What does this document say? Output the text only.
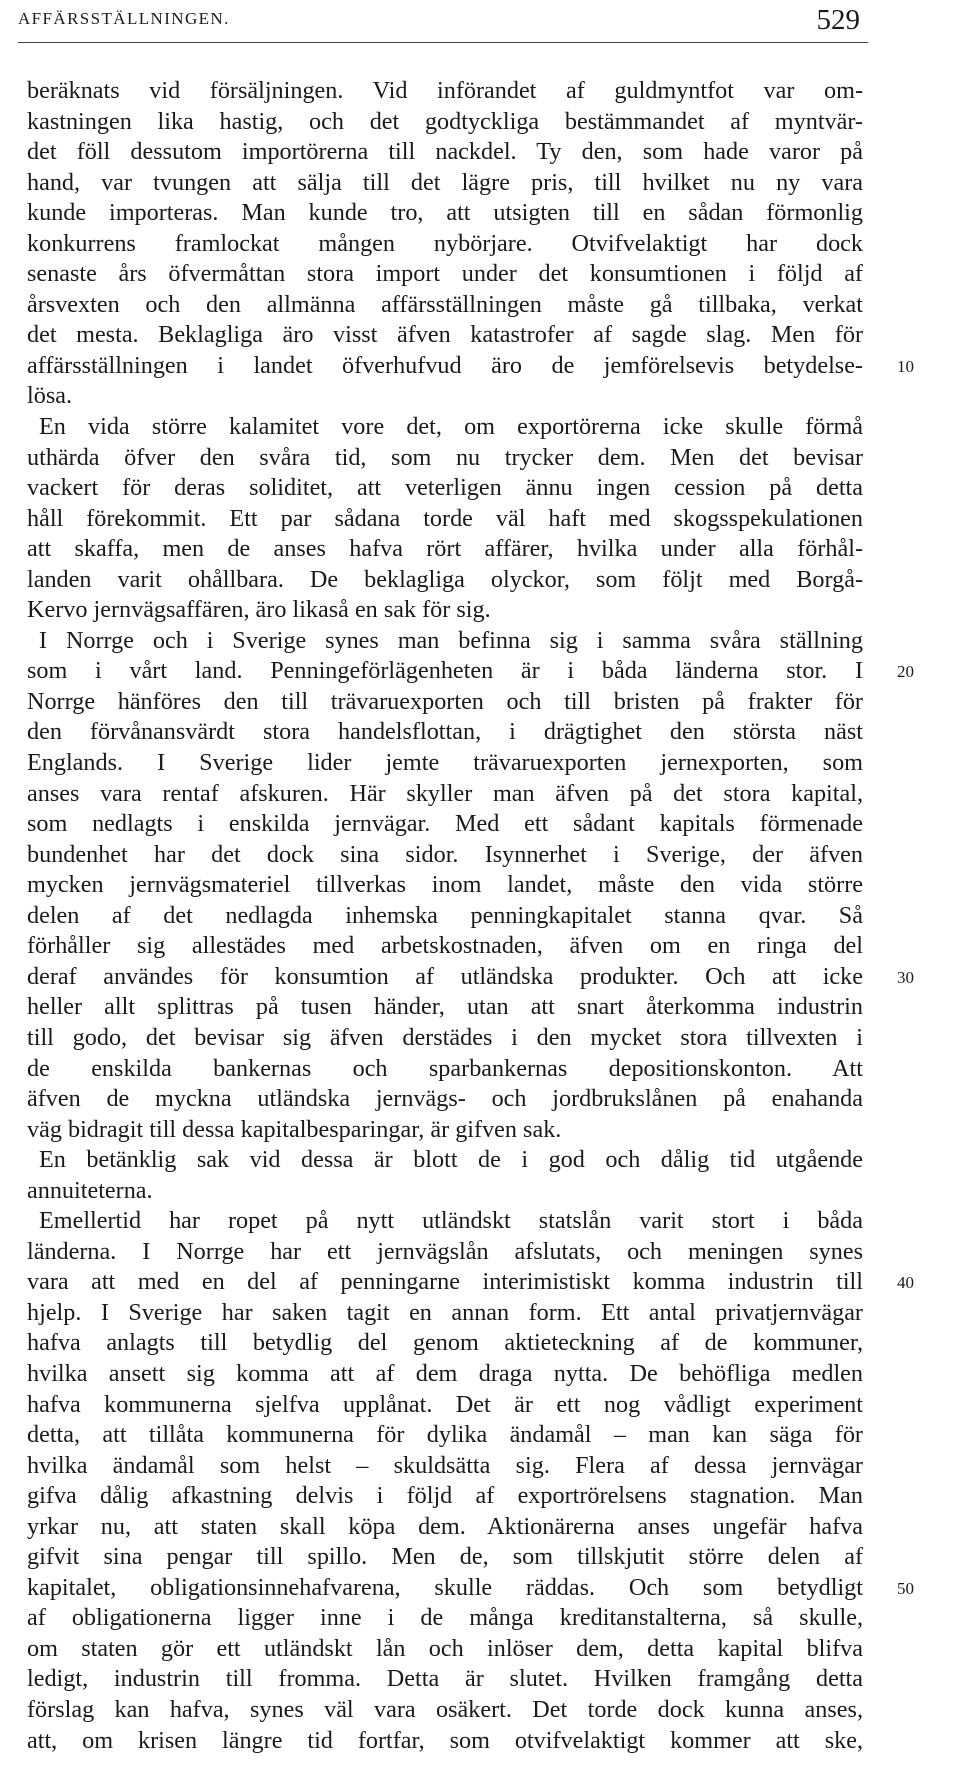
AFFÄRSSTÄLLNINGEN.	529
beräknats vid försäljningen. Vid införandet af guldmyntfot var om-
kastningen lika hastig, och det godtyckliga bestämmandet af myntvär-
det föll dessutom importörerna till nackdel. Ty den, som hade varor på
hand, var tvungen att sälja till det lägre pris, till hvilket nu ny vara
kunde importeras. Man kunde tro, att utsigten till en sådan förmonlig
konkurrens framlockat mången nybörjare. Otvifvelaktigt har dock
senaste års öfvermåttan stora import under det konsumtionen i följd af
årsvexten och den allmänna affärsställningen måste gå tillbaka, verkat
det mesta. Beklagliga äro visst äfven katastrofer af sagde slag. Men för
affärsställningen i landet öfverhufvud äro de jemförelsevis betydelse-
lösa.
En vida större kalamitet vore det, om exportörerna icke skulle förmå
uthärda öfver den svåra tid, som nu trycker dem. Men det bevisar
vackert för deras soliditet, att veterligen ännu ingen cession på detta
håll förekommit. Ett par sådana torde väl haft med skogsspekulationen
att skaffa, men de anses hafva rört affärer, hvilka under alla förhål-
landen varit ohållbara. De beklagliga olyckor, som följt med Borgå-
Kervo jernvägsaffären, äro likaså en sak för sig.
I Norrge och i Sverige synes man befinna sig i samma svåra ställning
som i vårt land. Penningeförlägenheten är i båda länderna stor. I
Norrge hänföres den till trävaruexporten och till bristen på frakter för
den förvånansvärdt stora handelsflottan, i drägtighet den största näst
Englands. I Sverige lider jemte trävaruexporten jernexporten, som
anses vara rentaf afskuren. Här skyller man äfven på det stora kapital,
som nedlagts i enskilda jernvägar. Med ett sådant kapitals förmenade
bundenhet har det dock sina sidor. Isynnerhet i Sverige, der äfven
mycken jernvägsmateriel tillverkas inom landet, måste den vida större
delen af det nedlagda inhemska penningkapitalet stanna qvar. Så
förhåller sig allestädes med arbetskostnaden, äfven om en ringa del
deraf användes för konsumtion af utländska produkter. Och att icke
heller allt splittras på tusen händer, utan att snart återkomma industrin
till godo, det bevisar sig äfven derstädes i den mycket stora tillvexten i
de enskilda bankernas och sparbankernas depositionskonton. Att
äfven de myckna utländska jernvägs- och jordbrukslånen på enahanda
väg bidragit till dessa kapitalbesparingar, är gifven sak.
En betänklig sak vid dessa är blott de i god och dålig tid utgående
annuiteterna.
Emellertid har ropet på nytt utländskt statslån varit stort i båda
länderna. I Norrge har ett jernvägslån afslutats, och meningen synes
vara att med en del af penningarne interimistiskt komma industrin till
hjelp. I Sverige har saken tagit en annan form. Ett antal privatjernvägar
hafva anlagts till betydlig del genom aktieteckning af de kommuner,
hvilka ansett sig komma att af dem draga nytta. De behöfliga medlen
hafva kommunerna sjelfva upplånat. Det är ett nog vådligt experiment
detta, att tillåta kommunerna för dylika ändamål – man kan säga för
hvilka ändamål som helst – skuldsätta sig. Flera af dessa jernvägar
gifva dålig afkastning delvis i följd af exportrörelsens stagnation. Man
yrkar nu, att staten skall köpa dem. Aktionärerna anses ungefär hafva
gifvit sina pengar till spillo. Men de, som tillskjutit större delen af
kapitalet, obligationsinnehafvarena, skulle räddas. Och som betydligt
af obligationerna ligger inne i de många kreditanstalterna, så skulle,
om staten gör ett utländskt lån och inlöser dem, detta kapital blifva
ledigt, industrin till fromma. Detta är slutet. Hvilken framgång detta
förslag kan hafva, synes väl vara osäkert. Det torde dock kunna anses,
att, om krisen längre tid fortfar, som otvifvelaktigt kommer att ske,
10
20
30
40
50
